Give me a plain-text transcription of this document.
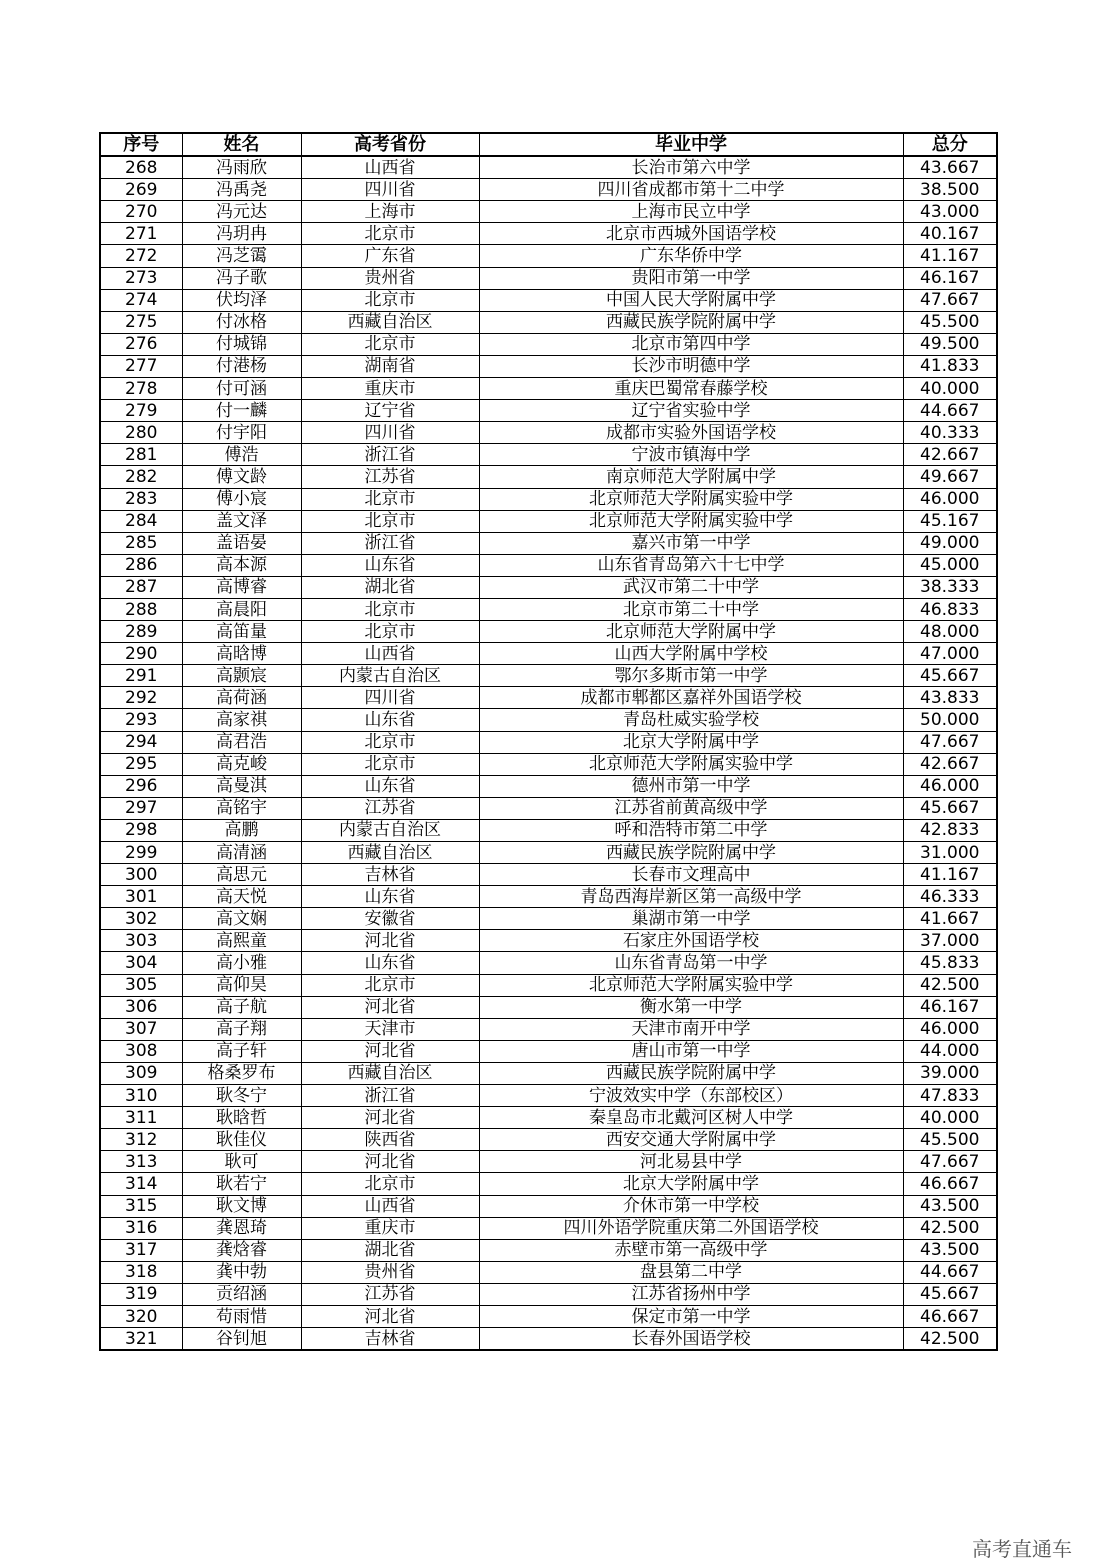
序号	姓名	高考省份	毕业中学	总分
268	冯雨欣	山西省	长治市第六中学	43.667
269	冯禹尧	四川省	四川省成都市第十二中学	38.500
270	冯元达	上海市	上海市民立中学	43.000
271	冯玥冉	北京市	北京市西城外国语学校	40.167
272	冯芝霭	广东省	广东华侨中学	41.167
273	冯子歌	贵州省	贵阳市第一中学	46.167
274	伏均泽	北京市	中国人民大学附属中学	47.667
275	付冰格	西藏自治区	西藏民族学院附属中学	45.500
276	付城锦	北京市	北京市第四中学	49.500
277	付港杨	湖南省	长沙市明德中学	41.833
278	付可涵	重庆市	重庆巴蜀常春藤学校	40.000
279	付一麟	辽宁省	辽宁省实验中学	44.667
280	付宇阳	四川省	成都市实验外国语学校	40.333
281	傅浩	浙江省	宁波市镇海中学	42.667
282	傅文龄	江苏省	南京师范大学附属中学	49.667
283	傅小宸	北京市	北京师范大学附属实验中学	46.000
284	盖文泽	北京市	北京师范大学附属实验中学	45.167
285	盖语晏	浙江省	嘉兴市第一中学	49.000
286	高本源	山东省	山东省青岛第六十七中学	45.000
287	高博睿	湖北省	武汉市第二十中学	38.333
288	高晨阳	北京市	北京市第二十中学	46.833
289	高笛量	北京市	北京师范大学附属中学	48.000
290	高晗博	山西省	山西大学附属中学校	47.000
291	高颢宸	内蒙古自治区	鄂尔多斯市第一中学	45.667
292	高荷涵	四川省	成都市郫都区嘉祥外国语学校	43.833
293	高家祺	山东省	青岛杜威实验学校	50.000
294	高君浩	北京市	北京大学附属中学	47.667
295	高克峻	北京市	北京师范大学附属实验中学	42.667
296	高曼淇	山东省	德州市第一中学	46.000
297	高铭宇	江苏省	江苏省前黄高级中学	45.667
298	高鹏	内蒙古自治区	呼和浩特市第二中学	42.833
299	高清涵	西藏自治区	西藏民族学院附属中学	31.000
300	高思元	吉林省	长春市文理高中	41.167
301	高天悦	山东省	青岛西海岸新区第一高级中学	46.333
302	高文娴	安徽省	巢湖市第一中学	41.667
303	高熙童	河北省	石家庄外国语学校	37.000
304	高小雅	山东省	山东省青岛第一中学	45.833
305	高仰昊	北京市	北京师范大学附属实验中学	42.500
306	高子航	河北省	衡水第一中学	46.167
307	高子翔	天津市	天津市南开中学	46.000
308	高子轩	河北省	唐山市第一中学	44.000
309	格桑罗布	西藏自治区	西藏民族学院附属中学	39.000
310	耿冬宁	浙江省	宁波效实中学（东部校区）	47.833
311	耿晗哲	河北省	秦皇岛市北戴河区树人中学	40.000
312	耿佳仪	陕西省	西安交通大学附属中学	45.500
313	耿可	河北省	河北易县中学	47.667
314	耿若宁	北京市	北京大学附属中学	46.667
315	耿文博	山西省	介休市第一中学校	43.500
316	龚恩琦	重庆市	四川外语学院重庆第二外国语学校	42.500
317	龚焓睿	湖北省	赤壁市第一高级中学	43.500
318	龚中勃	贵州省	盘县第二中学	44.667
319	贡绍涵	江苏省	江苏省扬州中学	45.667
320	苟雨惜	河北省	保定市第一中学	46.667
321	谷钊旭	吉林省	长春外国语学校	42.500
高考直通车
